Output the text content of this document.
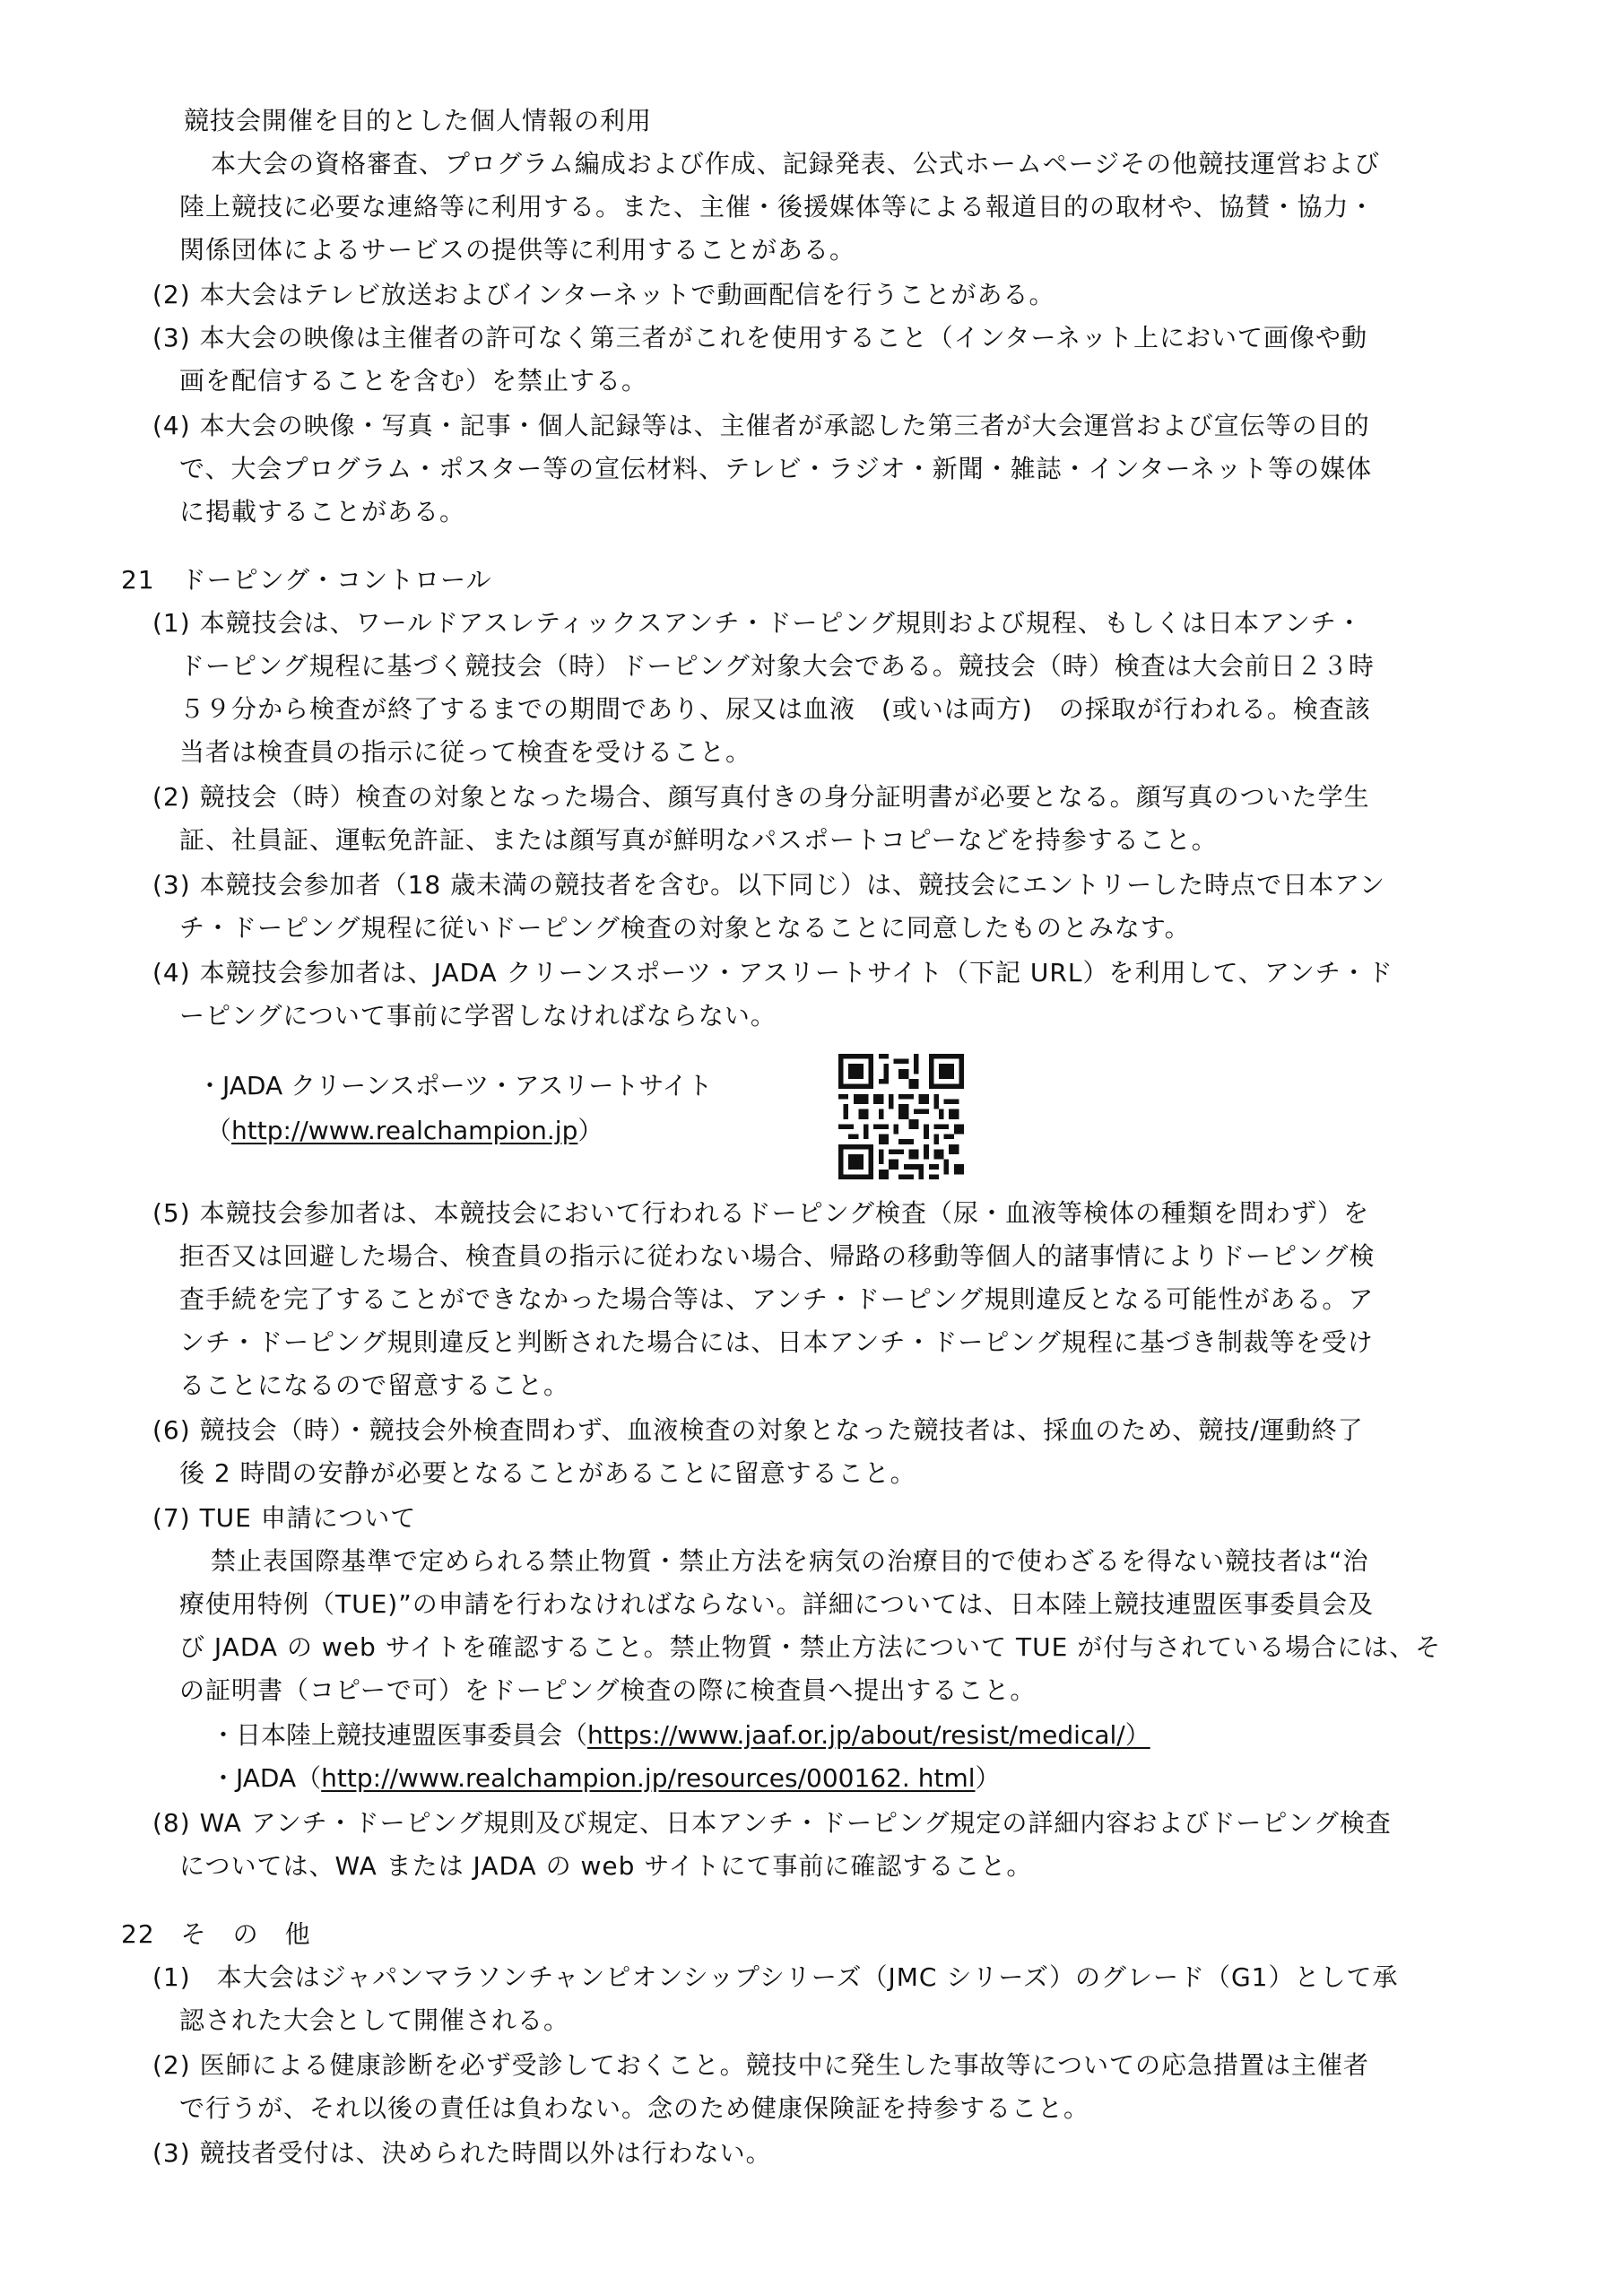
競技会開催を目的とした個人情報の利用
本大会の資格審査、プログラム編成および作成、記録発表、公式ホームページその他競技運営および
陸上競技に必要な連絡等に利用する。また、主催・後援媒体等による報道目的の取材や、協賛・協力・
関係団体によるサービスの提供等に利用することがある。
(2) 本大会はテレビ放送およびインターネットで動画配信を行うことがある。
(3) 本大会の映像は主催者の許可なく第三者がこれを使用すること（インターネット上において画像や動
画を配信することを含む）を禁止する。
(4) 本大会の映像・写真・記事・個人記録等は、主催者が承認した第三者が大会運営および宣伝等の目的
で、大会プログラム・ポスター等の宣伝材料、テレビ・ラジオ・新聞・雑誌・インターネット等の媒体
に掲載することがある。
21　ドーピング・コントロール
(1) 本競技会は、ワールドアスレティックスアンチ・ドーピング規則および規程、もしくは日本アンチ・
ドーピング規程に基づく競技会（時）ドーピング対象大会である。競技会（時）検査は大会前日２３時
５９分から検査が終了するまでの期間であり、尿又は血液　(或いは両方)　の採取が行われる。検査該
当者は検査員の指示に従って検査を受けること。
(2) 競技会（時）検査の対象となった場合、顔写真付きの身分証明書が必要となる。顔写真のついた学生
証、社員証、運転免許証、または顔写真が鮮明なパスポートコピーなどを持参すること。
(3) 本競技会参加者（18 歳未満の競技者を含む。以下同じ）は、競技会にエントリーした時点で日本アン
チ・ドーピング規程に従いドーピング検査の対象となることに同意したものとみなす。
(4) 本競技会参加者は、JADA クリーンスポーツ・アスリートサイト（下記 URL）を利用して、アンチ・ド
ーピングについて事前に学習しなければならない。
・JADA クリーンスポーツ・アスリートサイト
（http://www.realchampion.jp）
(5) 本競技会参加者は、本競技会において行われるドーピング検査（尿・血液等検体の種類を問わず）を
拒否又は回避した場合、検査員の指示に従わない場合、帰路の移動等個人的諸事情によりドーピング検
査手続を完了することができなかった場合等は、アンチ・ドーピング規則違反となる可能性がある。ア
ンチ・ドーピング規則違反と判断された場合には、日本アンチ・ドーピング規程に基づき制裁等を受け
ることになるので留意すること。
(6) 競技会（時）・競技会外検査問わず、血液検査の対象となった競技者は、採血のため、競技/運動終了
後 2 時間の安静が必要となることがあることに留意すること。
(7) TUE 申請について
禁止表国際基準で定められる禁止物質・禁止方法を病気の治療目的で使わざるを得ない競技者は“治
療使用特例（TUE)”の申請を行わなければならない。詳細については、日本陸上競技連盟医事委員会及
び JADA の web サイトを確認すること。禁止物質・禁止方法について TUE が付与されている場合には、そ
の証明書（コピーで可）をドーピング検査の際に検査員へ提出すること。
・日本陸上競技連盟医事委員会（https://www.jaaf.or.jp/about/resist/medical/）
・JADA（http://www.realchampion.jp/resources/000162. html）
(8) WA アンチ・ドーピング規則及び規定、日本アンチ・ドーピング規定の詳細内容およびドーピング検査
については、WA または JADA の web サイトにて事前に確認すること。
22　そ　の　他
(1)　本大会はジャパンマラソンチャンピオンシップシリーズ（JMC シリーズ）のグレード（G1）として承
認された大会として開催される。
(2) 医師による健康診断を必ず受診しておくこと。競技中に発生した事故等についての応急措置は主催者
で行うが、それ以後の責任は負わない。念のため健康保険証を持参すること。
(3) 競技者受付は、決められた時間以外は行わない。
